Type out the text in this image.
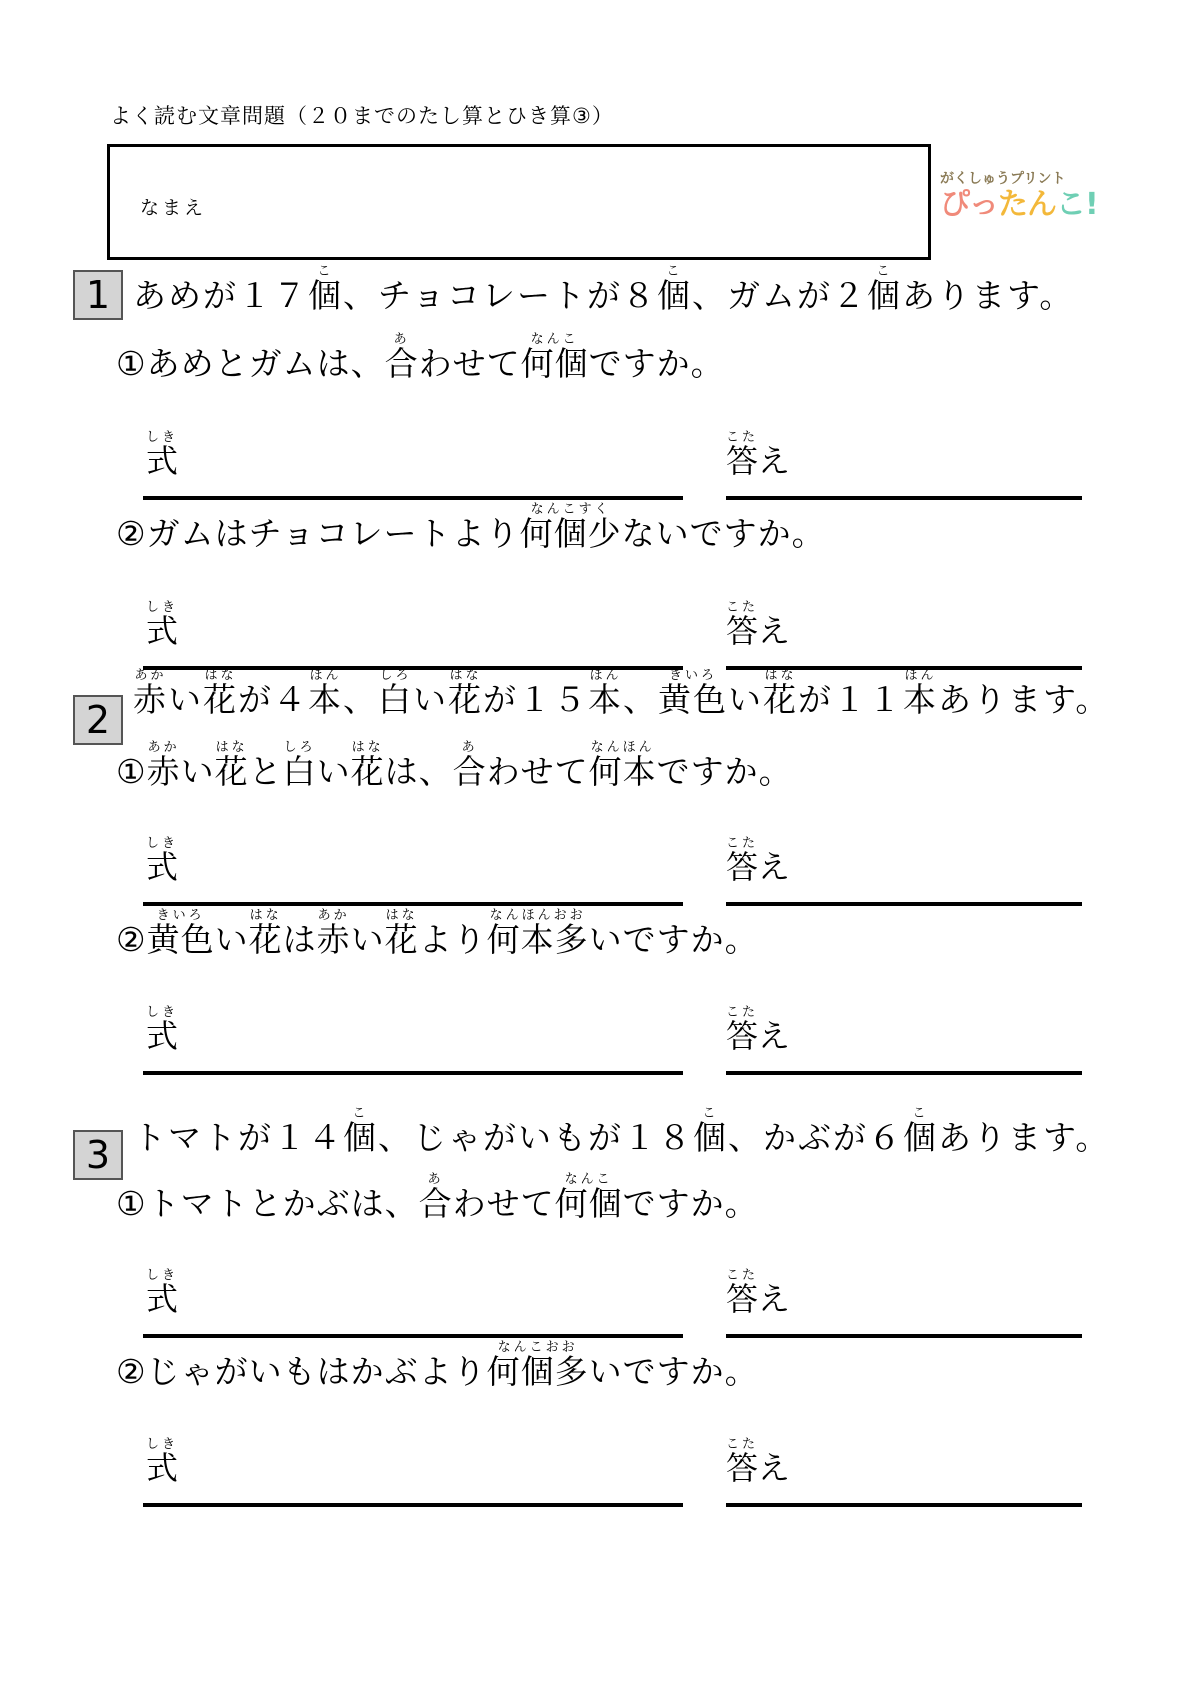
よく読む文章問題（２０までのたし算とひき算③）
なまえ
がくしゅうプリント
ぴったんこ!
1 あめが１７個こ、チョコレートが８個こ、ガムが２個こあります。
①あめとガムは、合あわせて何個なんこですか。
式しき
答こたえ
②ガムはチョコレートより何個少なんこすくないですか。
式しき
答こたえ
2 赤あかい花はなが４本ほん、白しろい花はなが１５本ほん、黄色きいろい花はなが１１本ほんあります。
①赤あかい花はなと白しろい花はなは、合あわせて何本なんほんですか。
式しき
答こたえ
②黄色きいろい花はなは赤あかい花はなより何本多なんほんおおいですか。
式しき
答こたえ
3 トマトが１４個こ、じゃがいもが１８個こ、かぶが６個こあります。
①トマトとかぶは、合あわせて何個なんこですか。
式しき
答こたえ
②じゃがいもはかぶより何個多なんこおおいですか。
式しき
答こたえ
